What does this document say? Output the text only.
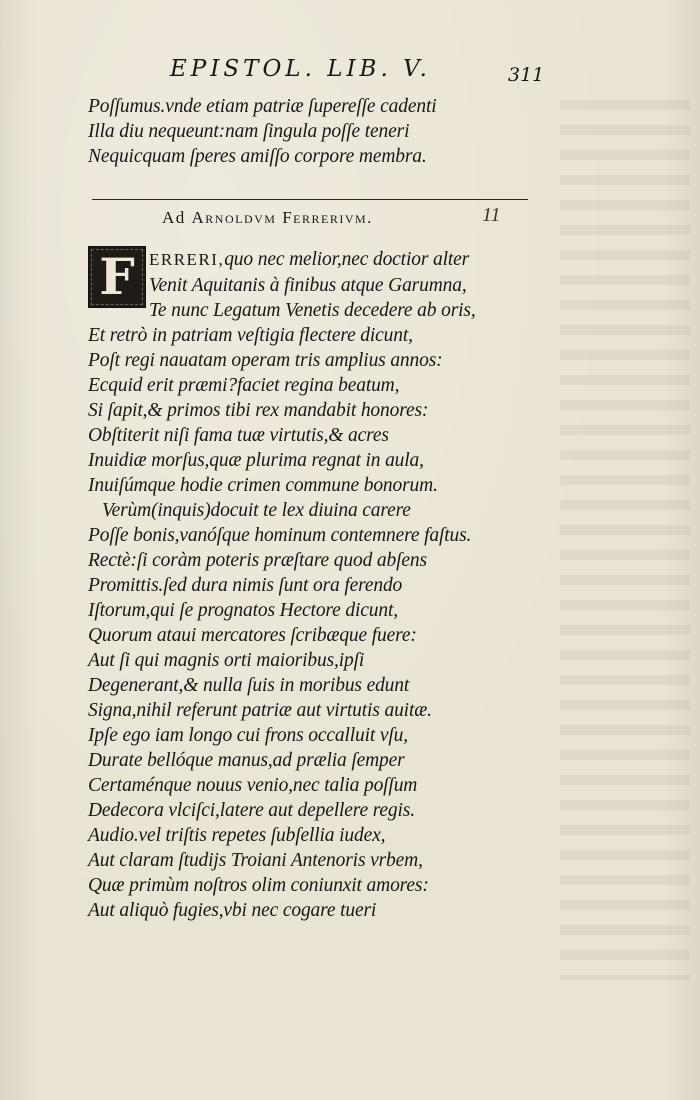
EPISTOL. LIB. V.	311
Poſſumus.vnde etiam patriæ ſupereſſe cadenti
Illa diu nequeunt:nam ſingula poſſe teneri
Nequicquam ſperes amiſſo corpore membra.
Ad Arnoldvm Ferrerivm.	11
F ERRERI,quo nec melior,nec doctior alter
Venit Aquitanis à finibus atque Garumna,
Te nunc Legatum Venetis decedere ab oris,
Et retrò in patriam veſtigia flectere dicunt,
Poſt regi nauatam operam tris amplius annos:
Ecquid erit præmi?faciet regina beatum,
Si ſapit,& primos tibi rex mandabit honores:
Obſtiterit niſi fama tuæ virtutis,& acres
Inuidiæ morſus,quæ plurima regnat in aula,
Inuiſúmque hodie crimen commune bonorum.
Verùm(inquis)docuit te lex diuina carere
Poſſe bonis,vanóſque hominum contemnere faſtus.
Rectè:ſi coràm poteris præſtare quod abſens
Promittis.ſed dura nimis ſunt ora ferendo
Iſtorum,qui ſe prognatos Hectore dicunt,
Quorum ataui mercatores ſcribæque fuere:
Aut ſi qui magnis orti maioribus,ipſi
Degenerant,& nulla ſuis in moribus edunt
Signa,nihil referunt patriæ aut virtutis auitæ.
Ipſe ego iam longo cui frons occalluit vſu,
Durate bellóque manus,ad prælia ſemper
Certaménque nouus venio,nec talia poſſum
Dedecora vlciſci,latere aut depellere regis.
Audio.vel triſtis repetes ſubſellia iudex,
Aut claram ſtudijs Troiani Antenoris vrbem,
Quæ primùm noſtros olim coniunxit amores:
Aut aliquò fugies,vbi nec cogare tueri
